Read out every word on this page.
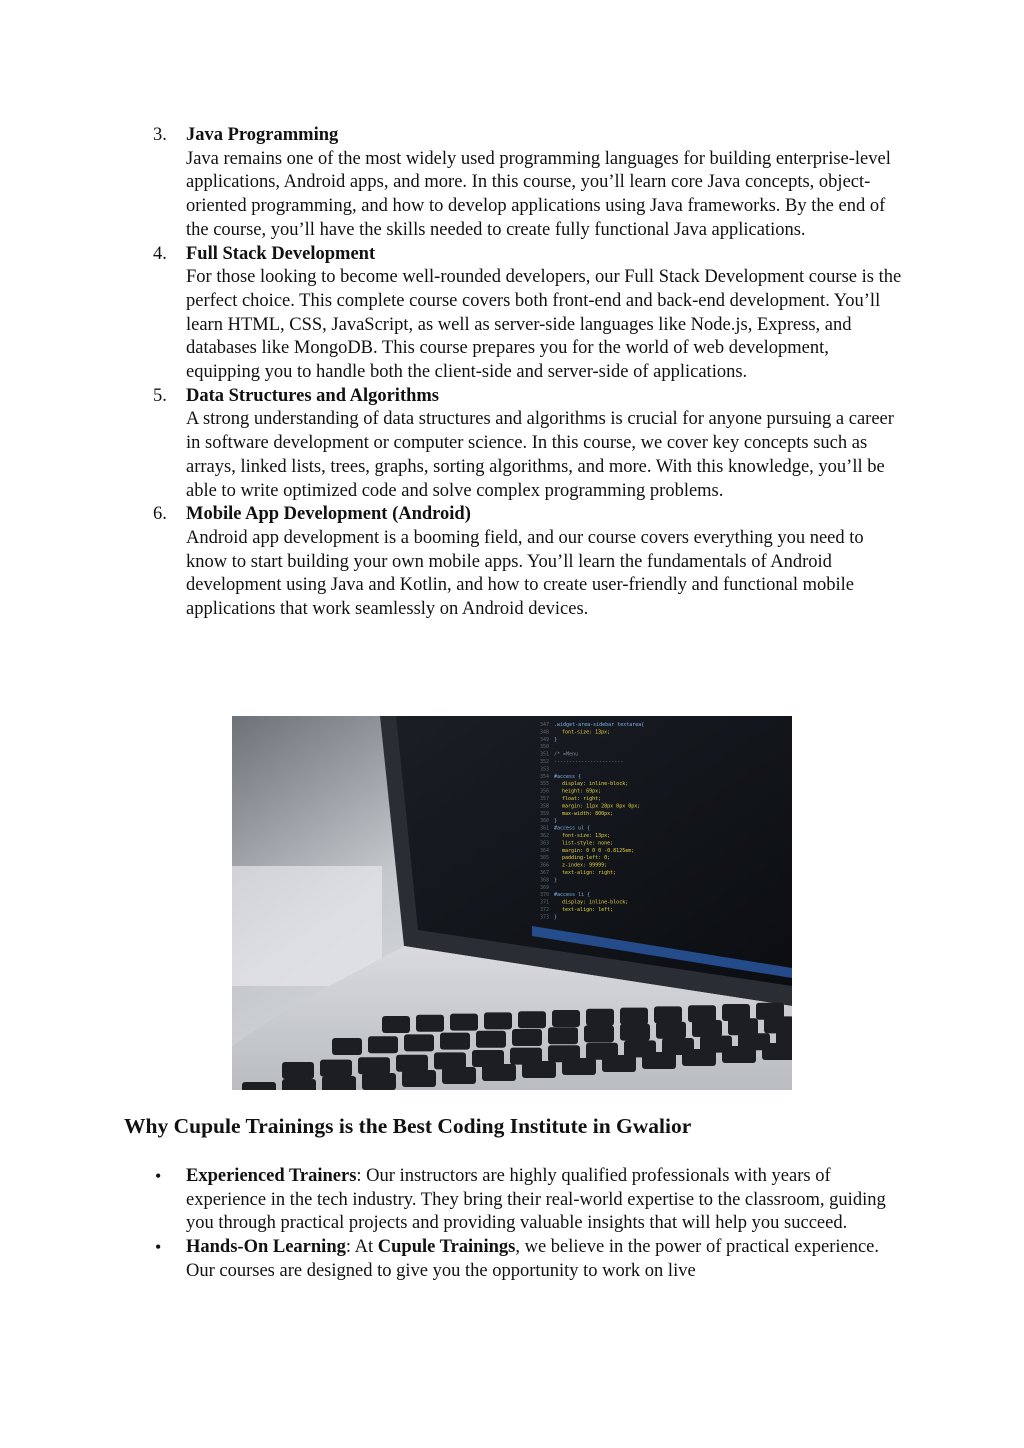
3. Java Programming
Java remains one of the most widely used programming languages for building enterprise-level applications, Android apps, and more. In this course, you’ll learn core Java concepts, object-oriented programming, and how to develop applications using Java frameworks. By the end of the course, you’ll have the skills needed to create fully functional Java applications.
4. Full Stack Development
For those looking to become well-rounded developers, our Full Stack Development course is the perfect choice. This complete course covers both front-end and back-end development. You’ll learn HTML, CSS, JavaScript, as well as server-side languages like Node.js, Express, and databases like MongoDB. This course prepares you for the world of web development, equipping you to handle both the client-side and server-side of applications.
5. Data Structures and Algorithms
A strong understanding of data structures and algorithms is crucial for anyone pursuing a career in software development or computer science. In this course, we cover key concepts such as arrays, linked lists, trees, graphs, sorting algorithms, and more. With this knowledge, you’ll be able to write optimized code and solve complex programming problems.
6. Mobile App Development (Android)
Android app development is a booming field, and our course covers everything you need to know to start building your own mobile apps. You’ll learn the fundamentals of Android development using Java and Kotlin, and how to create user-friendly and functional mobile applications that work seamlessly on Android devices.
347 .widget-area-sidebar textarea{
348	font-size: 13px;
349 }
350
351 /* =Menu
352 -----------------------
353
354 #access {
355	display: inline-block;
356	height: 69px;
357	float: right;
358	margin: 11px 28px 0px 0px;
359	max-width: 800px;
360 }
361 #access ul {
362	font-size: 13px;
363	list-style: none;
364	margin: 0 0 0 -0.8125em;
365	padding-left: 0;
366	z-index: 99999;
367	text-align: right;
368 }
369
370 #access li {
371	display: inline-block;
372	text-align: left;
373 }
Why Cupule Trainings is the Best Coding Institute in Gwalior
• Experienced Trainers: Our instructors are highly qualified professionals with years of experience in the tech industry. They bring their real-world expertise to the classroom, guiding you through practical projects and providing valuable insights that will help you succeed.
• Hands-On Learning: At Cupule Trainings, we believe in the power of practical experience. Our courses are designed to give you the opportunity to work on live
